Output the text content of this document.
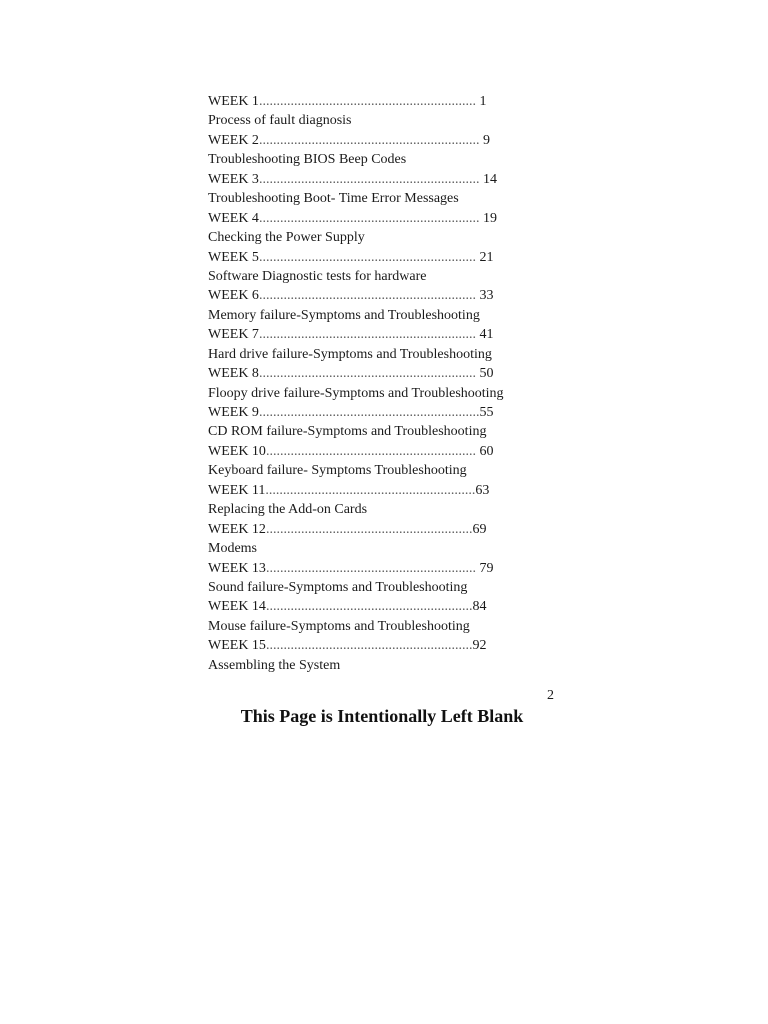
WEEK 1.............................................................. 1
Process of fault diagnosis
WEEK 2............................................................... 9
Troubleshooting BIOS Beep Codes
WEEK 3............................................................... 14
Troubleshooting Boot- Time Error Messages
WEEK 4............................................................... 19
Checking the Power Supply
WEEK 5.............................................................. 21
Software Diagnostic tests for hardware
WEEK 6.............................................................. 33
Memory failure-Symptoms and Troubleshooting
WEEK 7.............................................................. 41
Hard drive failure-Symptoms and Troubleshooting
WEEK 8.............................................................. 50
Floopy drive failure-Symptoms and Troubleshooting
WEEK 9...............................................................55
CD ROM failure-Symptoms and Troubleshooting
WEEK 10............................................................ 60
Keyboard failure- Symptoms Troubleshooting
WEEK 11............................................................63
Replacing the Add-on Cards
WEEK 12...........................................................69
Modems
WEEK 13............................................................ 79
Sound failure-Symptoms and Troubleshooting
WEEK 14...........................................................84
Mouse failure-Symptoms and Troubleshooting
WEEK 15...........................................................92
Assembling the System
2
This Page is Intentionally Left Blank
